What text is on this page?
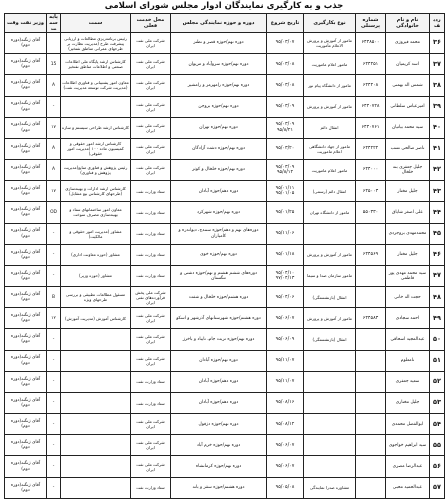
جذب و به کارگیری نمایندگان ادوار مجلس شورای اسلامی
ردیف	نام و نام خانوادگی	شماره پرسنلی	نوع بکارگیری	تاریخ شروع	دوره و حوزه نمایندگی مجلس	محل خدمت فعلی	سمت	پایه سمت	وزیر نفت وقت
۳۶	محمد فیروزی	۶۴۴۸۵۰۰	مامور از آموزش و پرورش الاعلام مأموریت	۹۵/۰۳/۰۷	دوره نهم/حوزه قصر و نطنز	شرکت ملی نفت ایران	رئیس برنامه‌ریزی مطالعات و ارزیابی پیشرفت طرح (مدیریت نظارت بر طرحهای عمرانی مناطق نفتخیز)		آقای زنگنه(دوره دوم)
۳۷	اسد کریمیان	۶۴۴۴۵۱	مامور اعلام ماموریت	۹۵/۰۳/۰۸	دوره نهم/حوزه سروآباد و مریوان	شرکت ملی نفت ایران	کارشناس ارشد پایگاه ملی اطلاعات صنعتی و اطلاعات مناطق نفتخیز	15	آقای زنگنه(دوره دوم)
۳۸	شمس اله بهمنی	۶۴۴۴۰۸	مامور از دانشگاه پیام نور	۹۵/۰۳/۰۸	دوره نهم/حوزه رامهرمز و رامشیر	شرکت ملی نفت ایران	معاون امور پشتیبانی و فناوری اطلاعات (مدیریت شرکت توسعه مدیریت نفت)	A	آقای زنگنه(دوره دوم)
۳۹	امیرعباس سلطانی	۶۴۴۰۷۲۸	مامور از آموزش و پرورش	۹۵/۰۳/۰۹	دوره نهم/حوزه بروجن	شرکت ملی نفت ایران		-	آقای زنگنه(دوره دوم)
۴۰	سید محمد بیاتیان	۶۴۴۰۷۶۱	انتقال دائم	۹۵/۰۳/۰۹ ۹۵/۸/۲۱	دوره نهم/حوزه تهران	شرکت ملی نفت ایران	کارشناس ارشد طراحی سیستم و سازه	۱۷	آقای زنگنه(دوره دوم)
۴۱	ناصر صالحی نسب	۶۴۴۲۲۲	مامور از جهاد دانشگاهی اعلام ماموریت	۹۵/۰۳/۲۰	دوره نهم/حوزه دشت آزادگان	شرکت ملی نفت ایران	کارشناس ارشد امور حقوقی و کمیسیون ماده ۱۰۰ (مدیریت امور حقوقی)	A	آقای زنگنه(دوره دوم)
۴۲	جلیل جعفری بنه خلخال	۶۴۴۰۰۰	مامور اعلام ماموریت	۹۵/۰۳/۰۹ ۹۵/۸/۱۲	دوره نهم/حوزه خلخال و کوثر	شرکت ملی نفت ایران	رئیس پژوهش و فناوری منابع(مدیریت پژوهش و فناوری)	A	آقای زنگنه(دوره دوم)
۴۳	جلیل مختار	۶۴۵۰۰۳	انتقال دائم (رسمی)	۹۵/۰۱/۱۱ ۹۵/۰۱/۰۵	دوره دهم/حوزه آبادان	ستاد وزارت نفت	کارشناس ارشد ادارات و بهینه‌سازی (طرحهای کارشناس بیع متقابل)	۱۷	آقای زنگنه(دوره دوم)
۴۴	علی اصغر شایاق	۵۵۰۳۳۰	مامور از دانشگاه تهران	۹۵/۰۱/۲۵	دوره نهم/حوزه شهرکرد	ستاد وزارت نفت	معاون امور ساختمانهای ستاد و بهینه‌سازی مصرف سوخت	OD	آقای زنگنه(دوره دوم)
۴۵	محمدمهدی بروجردی			۹۵/۱۱/۰۶	دوره‌های نهم و دهم/حوزه سنندج، دیواندره و کامیاران	ستاد وزارت نفت	مشاور (مدیریت امور حقوقی و مالکیت)	-	آقای زنگنه(دوره دوم)
۴۶	جلیل مختار	۶۴۴۵۶۹	مامور از آموزش و پرورش	۹۵/۰۱/۱۸	دوره نهم/حوزه خوی	ستاد وزارت نفت	مشاور (حوزه معاونت اداری)	-	آقای زنگنه(دوره دوم)
۴۷	سید محمد مهدی پور فاطمی		مامور سازمان صدا و سیما	۹۵/۰۴/۱۰ ۹۷/۰۴/۱۳	دوره‌های ششم هشتم و نهم/حوزه دشتی و تنگستان	ستاد وزارت نفت	مشاور (حوزه وزیر)	-	آقای زنگنه(دوره دوم)
۴۸	حجت اله خانی		انتقال (بازنشستگی)	۹۵/۰۴/۰۶	دوره هشتم/حوزه خلخال و شفت	شرکت ملی پخش فرآورده‌های نفتی ایران	مسئول مطالعات تطبیقی و بررسی طرحهای ویژه	B	آقای زنگنه(دوره دوم)
۴۹	احمد سجادی	۶۴۴۵۸۳	مامور از آموزش و پرورش	۹۵/۰۶/۰۷	دوره هشتم/حوزه شهرستانهای آذرشهر و اسکو	شرکت ملی نفت ایران	کارشناس آموزش (مدیریت آموزش)	۱۲	آقای زنگنه(دوره دوم)
۵۰	عبدالمجید اسحاقی		انتقال (بازنشستگی)	۹۵/۰۶/۰۹	دوره نهم/حوزه تربت جام، تایباد و باخرز	شرکت ملی نفت ایران		-	آقای زنگنه(دوره دوم)
۵۱	نامعلوم			۹۵/۱۱/۰۷	دوره نهم/حوزه آبادان	شرکت ملی نفت ایران		-	آقای زنگنه(دوره دوم)
۵۲	سعید جعفری			۹۵/۱۱/۰۷	دوره دهم/حوزه آبادان	ستاد وزارت نفت		-	آقای زنگنه(دوره دوم)
۵۳	جلیل مختاری			۹۵/۰۸/۱۶	دوره دهم/حوزه آبادان	ستاد وزارت نفت		-	آقای زنگنه(دوره دوم)
۵۴	ابوالفضل محمدی			۹۵/۰۸/۱۲	دوره نهم/حوزه دزفول	شرکت ملی نفت ایران		-	آقای زنگنه(دوره دوم)
۵۵	سید ابراهیم خواجوی			۹۵/۰۶/۰۷	دوره نهم/حوزه خرم آباد	شرکت ملی نفت ایران		-	آقای زنگنه(دوره دوم)
۵۶	عبدالرضا مصری			۹۵/۰۶/۰۷	دوره نهم/حوزه کرمانشاه	شرکت ملی نفت ایران		-	آقای زنگنه(دوره دوم)
۵۷	عبدالحمید محبی		مشاوره صدرا نمایندگی	۹۵/۰۵/۰۸	دوره هشتم/حوزه سقز و بانه	ستاد وزارت نفت		-	آقای زنگنه(دوره دوم)
